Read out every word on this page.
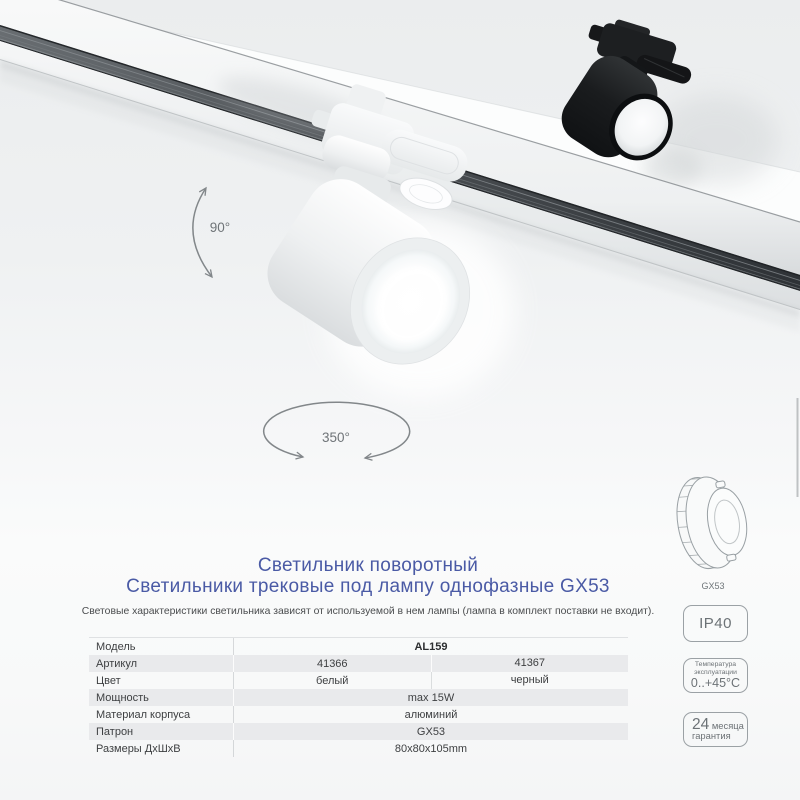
90°
350°
Светильник поворотный
Светильники трековые под лампу однофазные GX53
Световые характеристики светильника зависят от используемой в нем лампы (лампа в комплект поставки не входит).
Модель	AL159
Артикул	41366	41367
Цвет	белый	черный
Мощность	max 15W
Материал корпуса	алюминий
Патрон	GX53
Размеры ДхШхВ	80x80x105mm
GX53
IP40
Температура
эксплуатации
0..+45°C
24 месяца
гарантия
